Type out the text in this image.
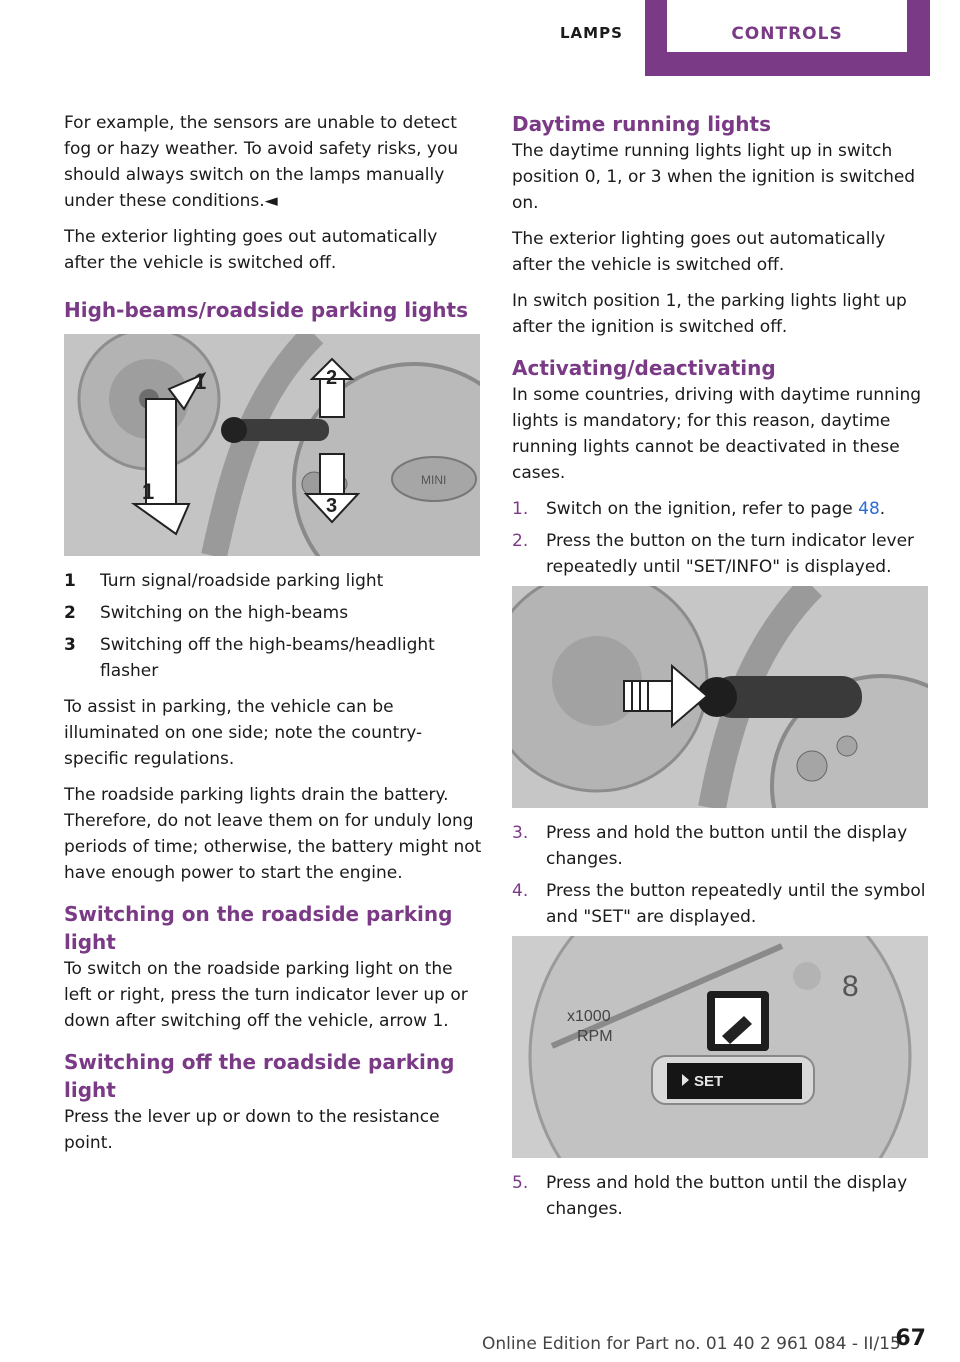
LAMPS	CONTROLS

For example, the sensors are unable to detect fog or hazy weather. To avoid safety risks, you should always switch on the lamps manually under these conditions.◄

The exterior lighting goes out automatically after the vehicle is switched off.

High-beams/roadside parking lights
MINI
1
1
2
3
1	Turn signal/roadside parking light
2	Switching on the high-beams
3	Switching off the high-beams/headlight flasher

To assist in parking, the vehicle can be illuminated on one side; note the country-specific regulations.

The roadside parking lights drain the battery. Therefore, do not leave them on for unduly long periods of time; otherwise, the battery might not have enough power to start the engine.

Switching on the roadside parking light

To switch on the roadside parking light on the left or right, press the turn indicator lever up or down after switching off the vehicle, arrow 1.

Switching off the roadside parking light

Press the lever up or down to the resistance point.

Daytime running lights

The daytime running lights light up in switch position 0, 1, or 3 when the ignition is switched on.

The exterior lighting goes out automatically after the vehicle is switched off.

In switch position 1, the parking lights light up after the ignition is switched off.

Activating/deactivating

In some countries, driving with daytime running lights is mandatory; for this reason, daytime running lights cannot be deactivated in these cases.

1.	Switch on the ignition, refer to page 48.
2.	Press the button on the turn indicator lever repeatedly until "SET/INFO" is displayed.
3.	Press and hold the button until the display changes.
4.	Press the button repeatedly until the symbol and "SET" are displayed.
x1000
RPM
8
SET
5.	Press and hold the button until the display changes.
Online Edition for Part no. 01 40 2 961 084 - II/15
67
